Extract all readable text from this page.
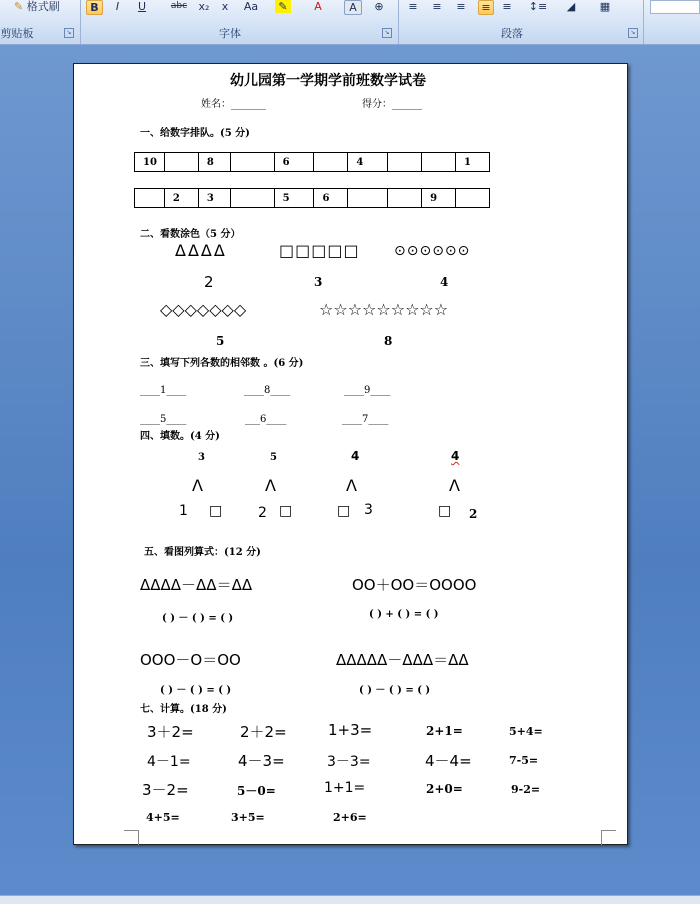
✎ 格式刷	B	I	U	abc x₂	x	Aa	✎	A	A	⊕	≡ ≡ ≡	≡	≡ ↕≡	◢	▦
剪贴板	↘	字体	↘	段落	↘
幼儿园第一学期学前班数学试卷
姓名：_______	得分：______
一、给数字排队。(5 分)
10		8		6		4			1
	2	3		5	6			9	
二、看数涂色（5 分）
ΔΔΔΔ	□□□□□ ⊙⊙⊙⊙⊙⊙
2	3	4
◇◇◇◇◇◇◇	☆☆☆☆☆☆☆☆☆
5	8
三、填写下列各数的相邻数 。(6 分)
____1____	____8____	____9____
____5____	___6____	____7____
四、填数。(4 分)
3	5	4	4
Λ	Λ	Λ	Λ
1 □	2 □	□ 3	□ 2
五、看图列算式：(12 分)
ΔΔΔΔ－ΔΔ＝ΔΔ	ΟΟ＋ΟΟ＝ΟΟΟΟ
( ) － ( ) = ( )	( ) + ( ) = ( )
ΟΟΟ－Ο＝ΟΟ	ΔΔΔΔΔ－ΔΔΔ＝ΔΔ
( ) － ( ) = ( )	( ) － ( ) = ( )
七、计算。(18 分)
3＋2=	2＋2=	1+3=	2+1=	5+4=
4－1=	4－3=	3－3=	4－4=	7-5=
3－2=	5－0=	1+1=	2+0=	9-2=
4+5=	3+5=	2+6=
